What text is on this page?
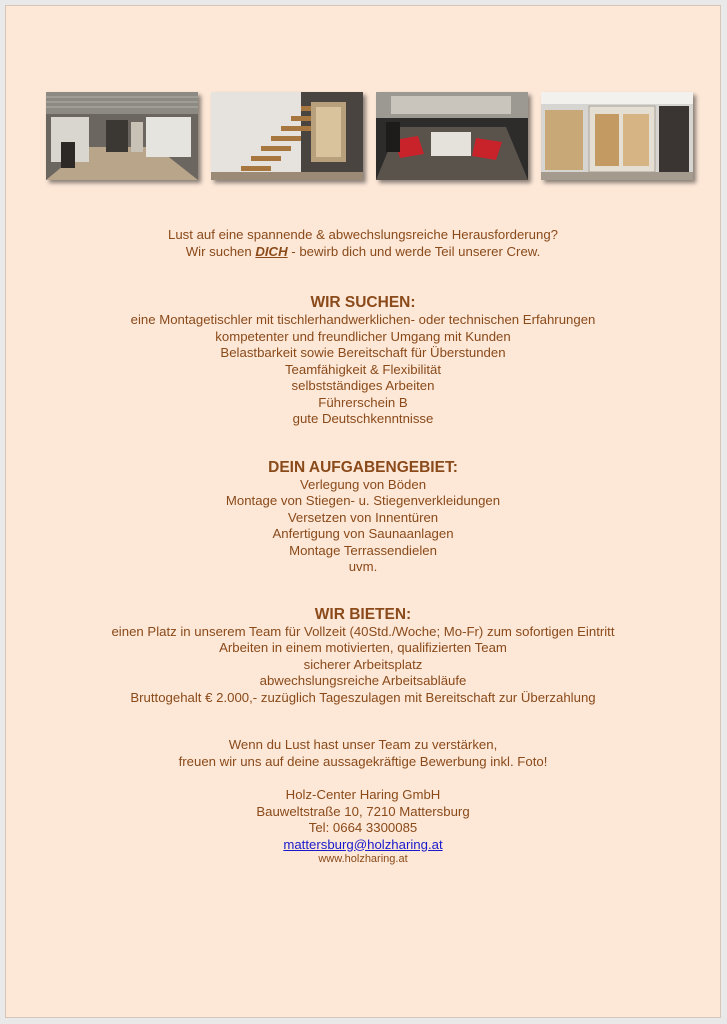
Lust auf eine spannende & abwechslungsreiche Herausforderung?

Wir suchen DICH - bewirb dich und werde Teil unserer Crew.

WIR SUCHEN:

eine Montagetischler mit tischlerhandwerklichen- oder technischen Erfahrungen

kompetenter und freundlicher Umgang mit Kunden

Belastbarkeit sowie Bereitschaft für Überstunden

Teamfähigkeit & Flexibilität

selbstständiges Arbeiten

Führerschein B

gute Deutschkenntnisse

DEIN AUFGABENGEBIET:

Verlegung von Böden

Montage von Stiegen- u. Stiegenverkleidungen

Versetzen von Innentüren

Anfertigung von Saunaanlagen

Montage Terrassendielen

uvm.

WIR BIETEN:

einen Platz in unserem Team für Vollzeit (40Std./Woche; Mo-Fr) zum sofortigen Eintritt

Arbeiten in einem motivierten, qualifizierten Team

sicherer Arbeitsplatz

abwechslungsreiche Arbeitsabläufe

Bruttogehalt € 2.000,- zuzüglich Tageszulagen mit Bereitschaft zur Überzahlung

Wenn du Lust hast unser Team zu verstärken,

freuen wir uns auf deine aussagekräftige Bewerbung inkl. Foto!

Holz-Center Haring GmbH

Bauweltstraße 10, 7210 Mattersburg

Tel: 0664 3300085

mattersburg@holzharing.at

www.holzharing.at
